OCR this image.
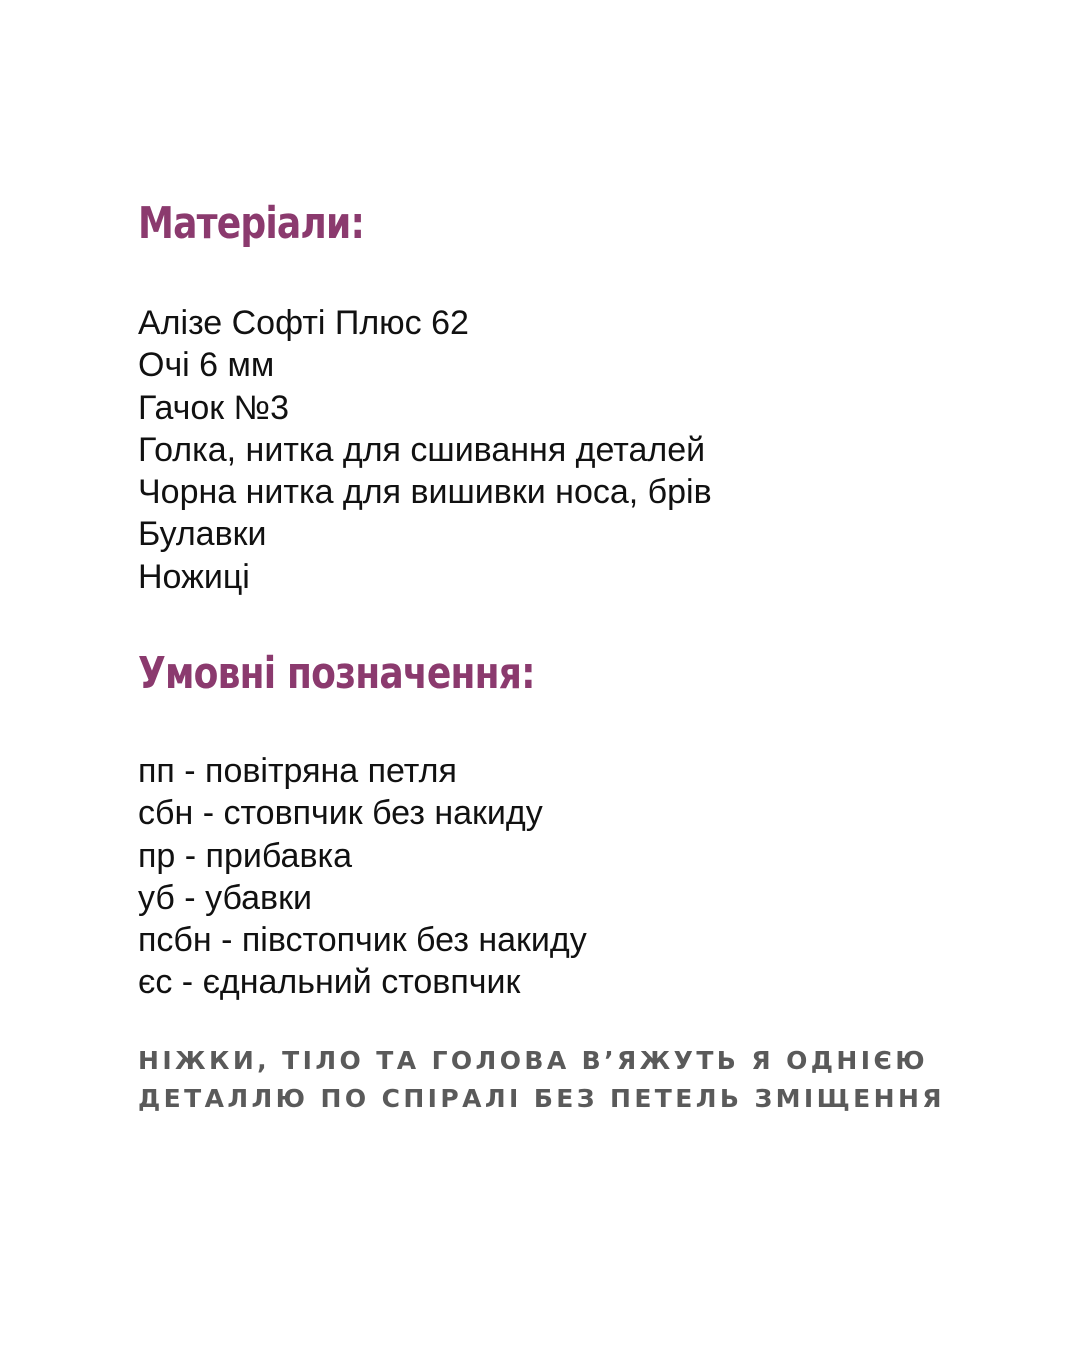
Матеріали:
Алізе Софті Плюс 62
Очі 6 мм
Гачок №3
Голка, нитка для сшивання деталей
Чорна нитка для вишивки носа, брів
Булавки
Ножиці
Умовні позначення:
пп - повітряна петля
сбн - стовпчик без накиду
пр - прибавка
уб - убавки
псбн - півстопчик без накиду
єс - єднальний стовпчик

НІЖКИ, ТІЛО ТА ГОЛОВА В’ЯЖУТЬ Я ОДНІЄЮ
ДЕТАЛЛЮ ПО СПІРАЛІ БЕЗ ПЕТЕЛЬ ЗМІЩЕННЯ
